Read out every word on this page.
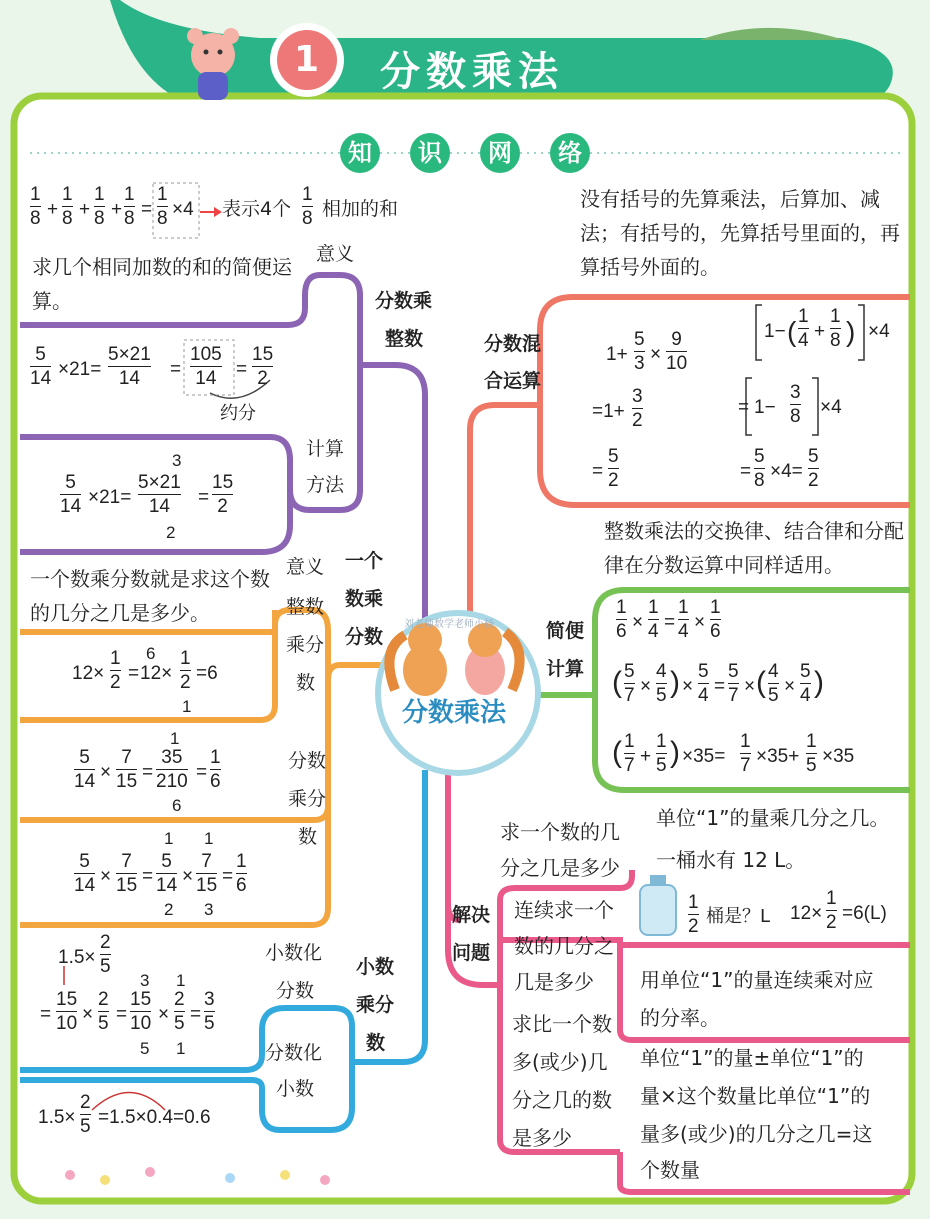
1 分数乘法
知 识 网 络
分数乘法
刘老师数学老师小杨
分数乘
整数
意义
计算
方法
1
8 +
1
8 +
1
8 +
1
8 =
1
8 ×4 表示4个
1
8 相加的和
求几个相同加数的和的简便运算。
5
14 ×21=
5×21
14 =
105
14 =
15
2
约分
3
5
14 ×21=
5×21
14
2
=
15
2
一个
数乘
分数
意义
整数
乘分
数
分数
乘分
数
一个数乘分数就是求这个数的几分之几是多少。
12×
1
2 =
6
12×
1
2
1
=6
5
14 ×
7
15 =
1
35
210
6
=
1
6
5
14 ×
7
15 =
1
5
14
2
×
1
7
15
3
=
1
6
小数
乘分
数
小数化
分数
分数化
小数
1.5×
2
5
=
15
10 ×
2
5 =
3
15
10
5
×
1
2
5
1
=
3
5
1.5×
2
5 =1.5×0.4=0.6
分数混
合运算
没有括号的先算乘法，后算加、减法；有括号的，先算括号里面的，再算括号外面的。
1+
5
3 ×
9
10
=1+
3
2
=
5
2
1− ( 1
4 +
1
8 ) ×4
= 1−
3
8 ×4
=
5
8 ×4=
5
2
简便
计算
整数乘法的交换律、结合律和分配律在分数运算中同样适用。
1
6 ×
1
4 =
1
4 ×
1
6
( 5
7 ×
4
5 ) ×
5
4 =
5
7 × ( 4
5 ×
5
4 )
( 1
7 +
1
5 ) ×35=
1
7 ×35+
1
5 ×35
解决
问题
求一个数的几
分之几是多少
单位“1”的量乘几分之几。
一桶水有 12 L。
1
2 桶是？L 12×
1
2 =6(L)
连续求一个
数的几分之
几是多少 用单位“1”的量连续乘对应
的分率。
求比一个数
多(或少)几
分之几的数
是多少
单位“1”的量±单位“1”的
量×这个数量比单位“1”的
量多(或少)的几分之几=这
个数量
